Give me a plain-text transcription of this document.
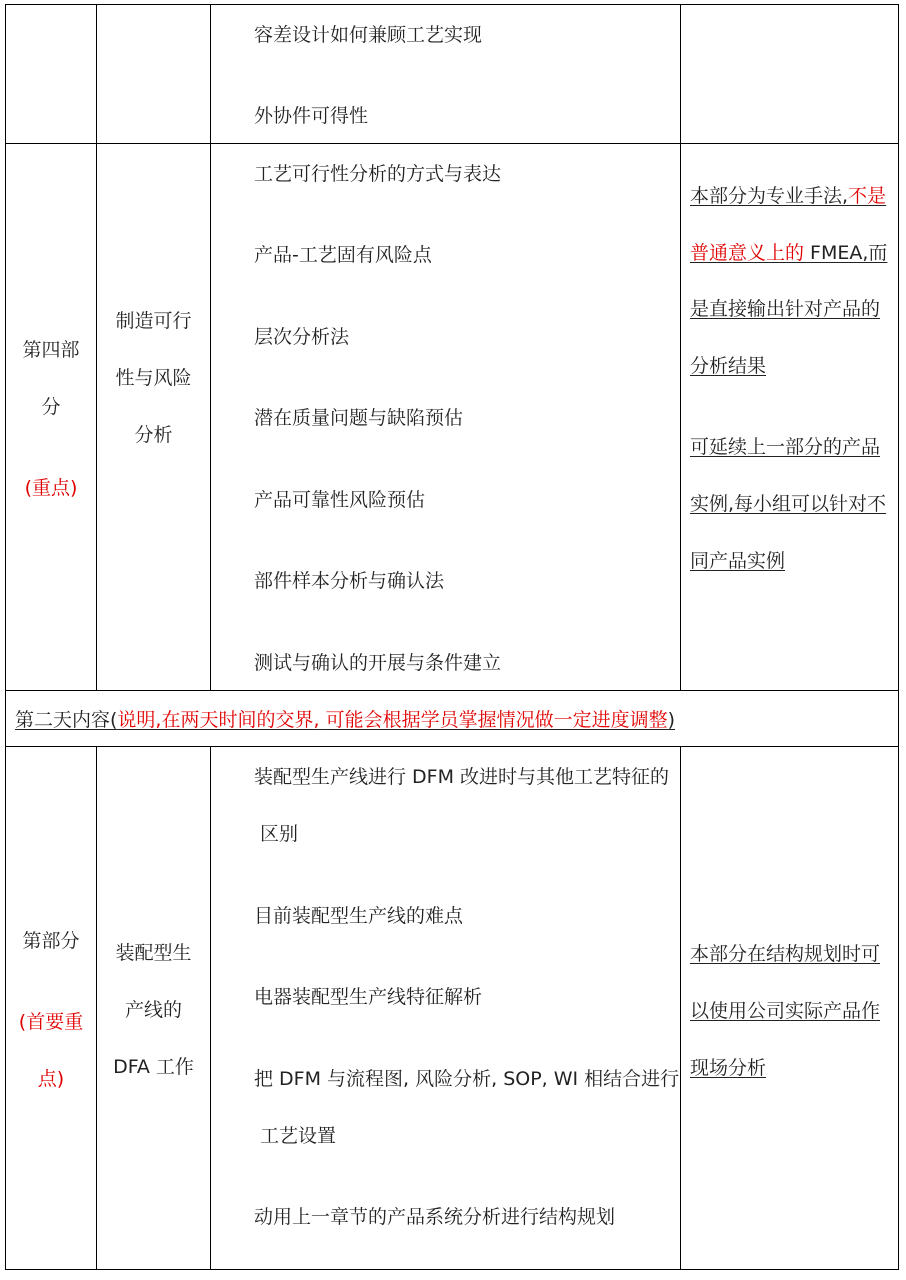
容差设计如何兼顾工艺实现
外协件可得性
第四部
分
(重点)
制造可行
性与风险
分析
工艺可行性分析的方式与表达
产品-工艺固有风险点
层次分析法
潜在质量问题与缺陷预估
产品可靠性风险预估
部件样本分析与确认法
测试与确认的开展与条件建立
本部分为专业手法,不是
普通意义上的 FMEA,而
是直接输出针对产品的
分析结果
可延续上一部分的产品
实例,每小组可以针对不
同产品实例
第二天内容(说明,在两天时间的交界, 可能会根据学员掌握情况做一定进度调整)
第部分
(首要重
点)
装配型生
产线的
DFA 工作
装配型生产线进行 DFM 改进时与其他工艺特征的
区别
目前装配型生产线的难点
电器装配型生产线特征解析
把 DFM 与流程图, 风险分析, SOP, WI 相结合进行
工艺设置
动用上一章节的产品系统分析进行结构规划
本部分在结构规划时可
以使用公司实际产品作
现场分析
